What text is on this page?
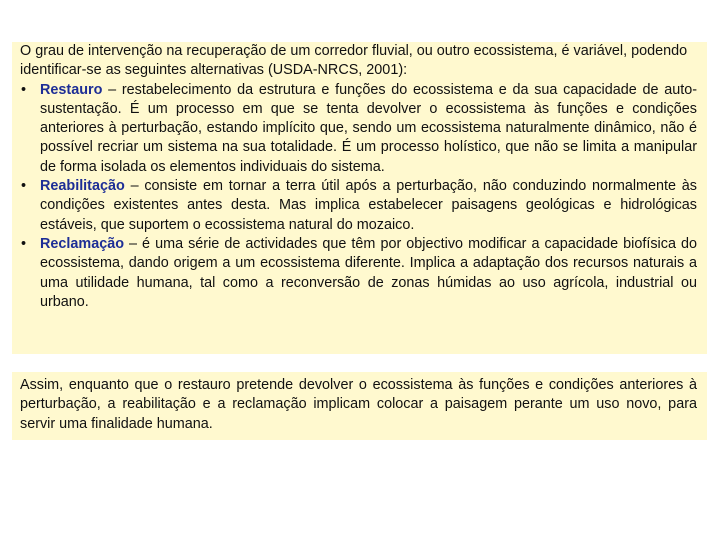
O grau de intervenção na recuperação de um corredor fluvial, ou outro ecossistema, é variável, podendo identificar-se as seguintes alternativas (USDA-NRCS, 2001):

• Restauro – restabelecimento da estrutura e funções do ecossistema e da sua capacidade de auto-sustentação. É um processo em que se tenta devolver o ecossistema às funções e condições anteriores à perturbação, estando implícito que, sendo um ecossistema naturalmente dinâmico, não é possível recriar um sistema na sua totalidade. É um processo holístico, que não se limita a manipular de forma isolada os elementos individuais do sistema.

• Reabilitação – consiste em tornar a terra útil após a perturbação, não conduzindo normalmente às condições existentes antes desta. Mas implica estabelecer paisagens geológicas e hidrológicas estáveis, que suportem o ecossistema natural do mozaico.

• Reclamação – é uma série de actividades que têm por objectivo modificar a capacidade biofísica do ecossistema, dando origem a um ecossistema diferente. Implica a adaptação dos recursos naturais a uma utilidade humana, tal como a reconversão de zonas húmidas ao uso agrícola, industrial ou urbano.

Assim, enquanto que o restauro pretende devolver o ecossistema às funções e condições anteriores à perturbação, a reabilitação e a reclamação implicam colocar a paisagem perante um uso novo, para servir uma finalidade humana.
